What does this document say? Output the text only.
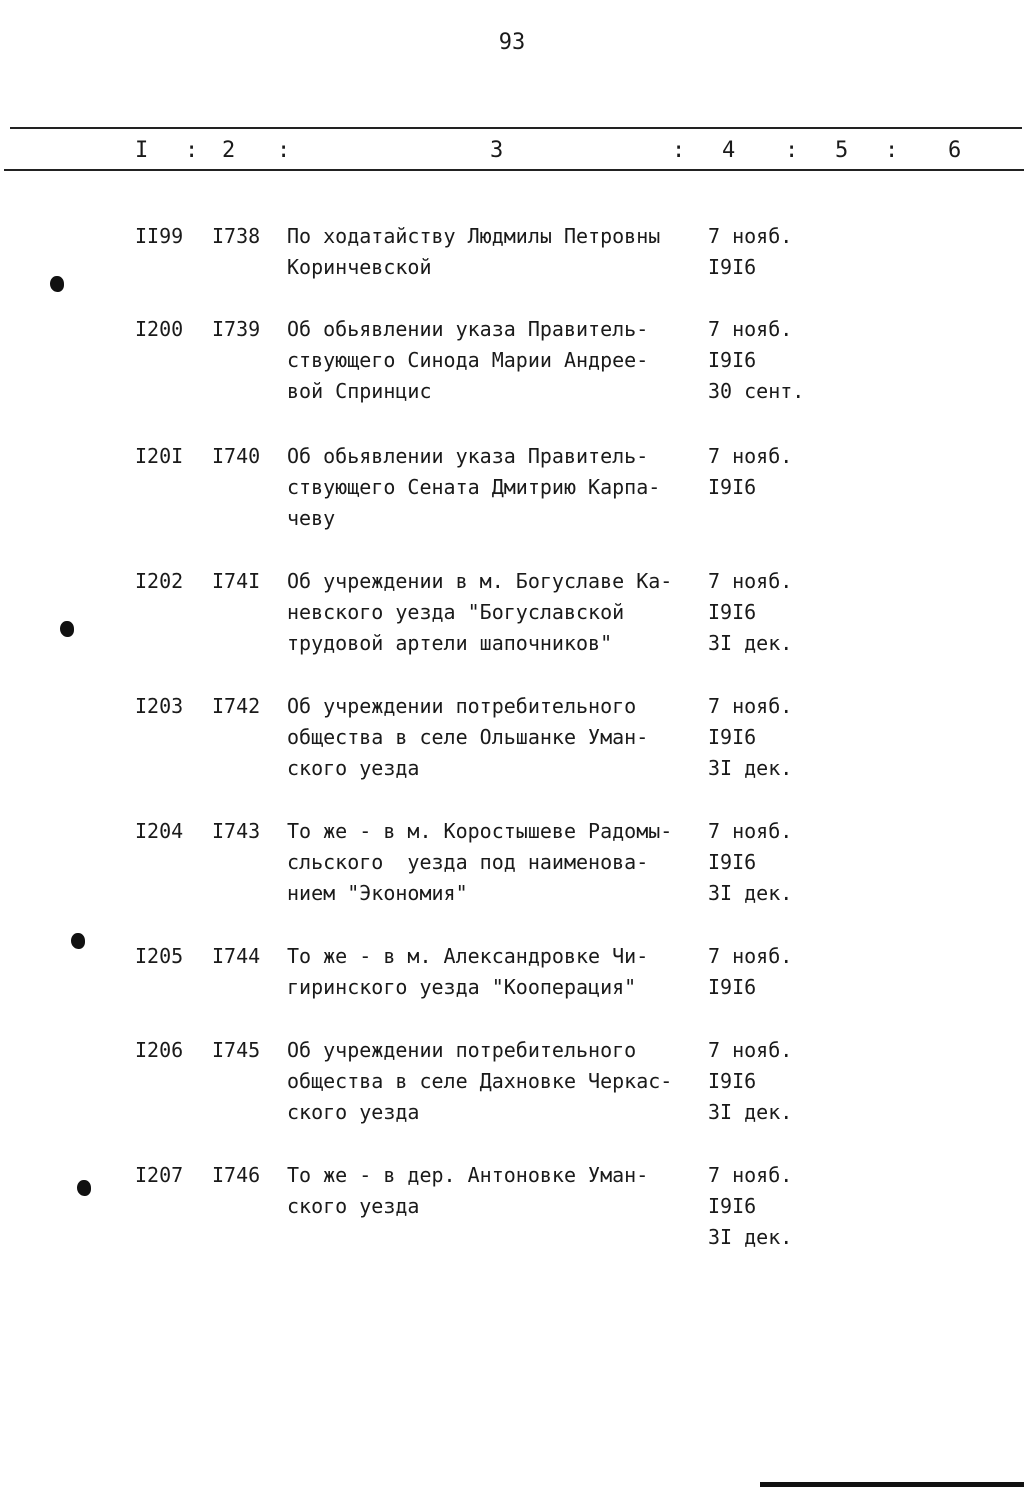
93
I : 2 :	3	: 4 : 5 : 6
II99 I738 По ходатайству Людмилы Петровны
Коринчевской
7 нояб.
I9I6
I200 I739 Об обьявлении указа Правитель-
ствующего Синода Марии Андрее-
вой Спринцис
7 нояб.
I9I6
30 сент.
I20I I740 Об обьявлении указа Правитель-
ствующего Сената Дмитрию Карпа-
чеву
7 нояб.
I9I6
I202 I74I Об учреждении в м. Богуславе Ка-
невского уезда "Богуславской
трудовой артели шапочников"
7 нояб.
I9I6
3I дек.
I203 I742 Об учреждении потребительного
общества в селе Ольшанке Уман-
ского уезда
7 нояб.
I9I6
3I дек.
I204 I743 То же - в м. Коростышеве Радомы-
сльского  уезда под наименова-
нием "Экономия"
7 нояб.
I9I6
3I дек.
I205 I744 То же - в м. Александровке Чи-
гиринского уезда "Кооперация"
7 нояб.
I9I6
I206 I745 Об учреждении потребительного
общества в селе Дахновке Черкас-
ского уезда
7 нояб.
I9I6
3I дек.
I207 I746 То же - в дер. Антоновке Уман-
ского уезда
7 нояб.
I9I6
3I дек.
